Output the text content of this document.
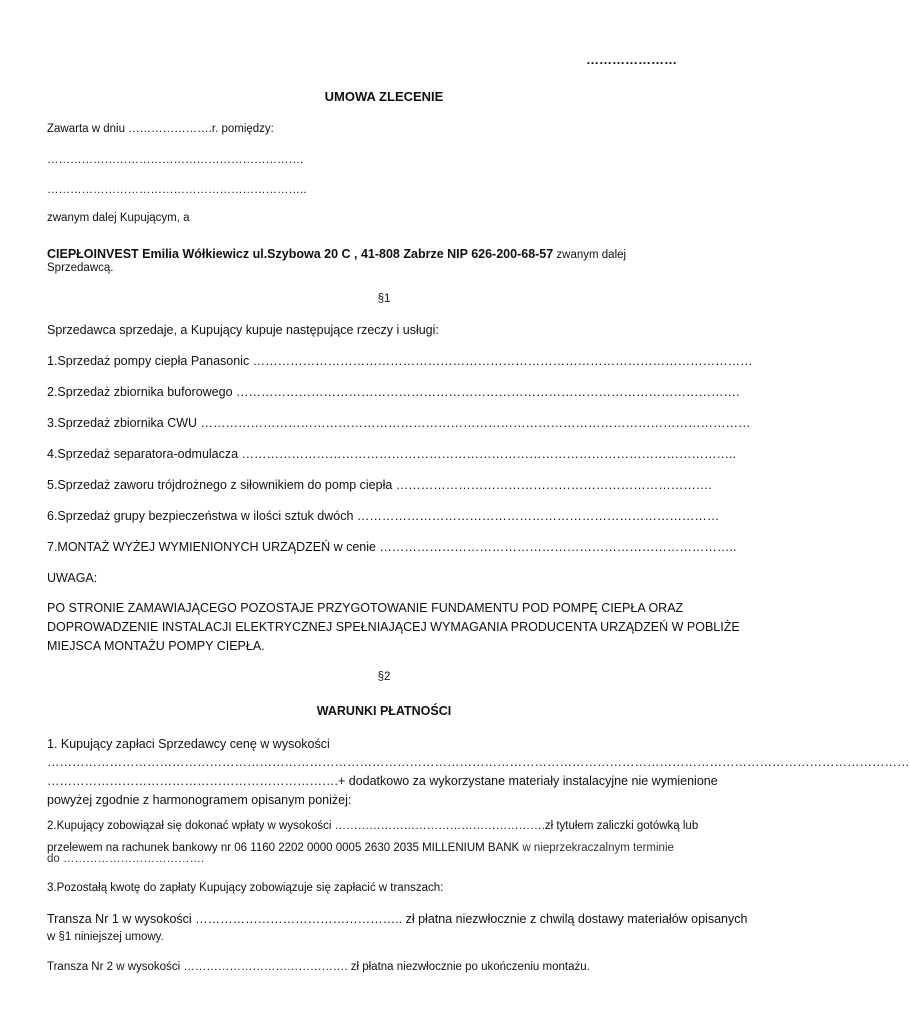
…………………
UMOWA ZLECENIE
Zawarta w dniu ………………….r. pomiędzy:
………………………………………………………….
…………………………………………………………..
zwanym dalej Kupującym, a
CIEPŁOINVEST Emilia Wółkiewicz ul.Szybowa 20 C , 41-808 Zabrze NIP 626-200-68-57 zwanym dalej
Sprzedawcą.
§1
Sprzedawca sprzedaje, a Kupujący kupuje następujące rzeczy i usługi:
1.Sprzedaż pompy ciepła Panasonic …………………………………………………………………………………………………………
2.Sprzedaż zbiornika buforowego ………………………………………………………………………………………………………….
3.Sprzedaż zbiornika CWU ……………………………………………………………………………………………………………………
4.Sprzedaż separatora-odmulacza ………………………………………………………………………………………………………..
5.Sprzedaż zaworu trójdrożnego z siłownikiem do pomp ciepła ………………………………………………………………….
6.Sprzedaż grupy bezpieczeństwa w ilości sztuk dwóch ……………………………………………………………………………
7.MONTAŻ WYŻEJ WYMIENIONYCH URZĄDZEŃ w cenie …………………………………………………………………………..
UWAGA:
PO STRONIE ZAMAWIAJĄCEGO POZOSTAJE PRZYGOTOWANIE FUNDAMENTU POD POMPĘ CIEPŁA ORAZ
DOPROWADZENIE INSTALACJI ELEKTRYCZNEJ SPEŁNIAJĄCEJ WYMAGANIA PRODUCENTA URZĄDZEŃ W POBLIŻE
MIEJSCA MONTAŻU POMPY CIEPŁA.
§2
WARUNKI PŁATNOŚCI
1. Kupujący zapłaci Sprzedawcy cenę w wysokości
………………………………………………………………………………………………………………………………………………………………………………………
…………………………………………………………….+ dodatkowo za wykorzystane materiały instalacyjne nie wymienione
powyżej zgodnie z harmonogramem opisanym poniżej:
2.Kupujący zobowiązał się dokonać wpłaty w wysokości ……………………………………………….zł tytułem zaliczki gotówką lub
przelewem na rachunek bankowy nr 06 1160 2202 0000 0005 2630 2035 MILLENIUM BANK w nieprzekraczalnym terminie
do ……………………………….
3.Pozostałą kwotę do zapłaty Kupujący zobowiązuje się zapłacić w transzach:
Transza Nr 1 w wysokości ………………………………………….. zł płatna niezwłocznie z chwilą dostawy materiałów opisanych
w §1 niniejszej umowy.
Transza Nr 2 w wysokości ……………………………………. zł płatna niezwłocznie po ukończeniu montażu.
